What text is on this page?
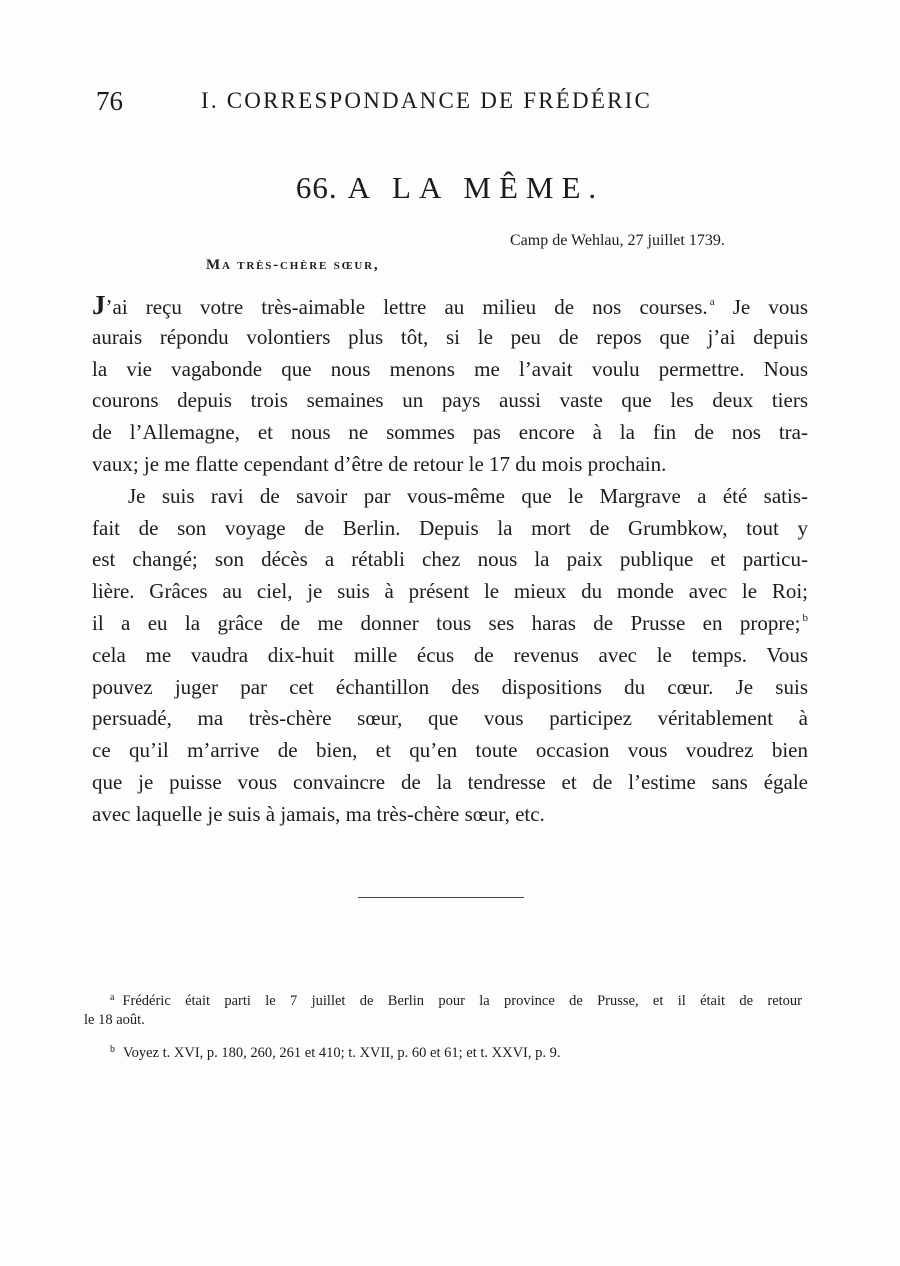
76	I. CORRESPONDANCE DE FRÉDÉRIC
66. A LA MÊME.
Camp de Wehlau, 27 juillet 1739.
Ma très-chère sœur,
J’ai reçu votre très-aimable lettre au milieu de nos courses. $^a$ Je vous
aurais répondu volontiers plus tôt, si le peu de repos que j’ai depuis
la vie vagabonde que nous menons me l’avait voulu permettre. Nous
courons depuis trois semaines un pays aussi vaste que les deux tiers
de l’Allemagne, et nous ne sommes pas encore à la fin de nos tra-
vaux; je me flatte cependant d’être de retour le 17 du mois prochain.
Je suis ravi de savoir par vous-même que le Margrave a été satis-
fait de son voyage de Berlin. Depuis la mort de Grumbkow, tout y
est changé; son décès a rétabli chez nous la paix publique et particu-
lière. Grâces au ciel, je suis à présent le mieux du monde avec le Roi;
il a eu la grâce de me donner tous ses haras de Prusse en propre; $^b$
cela me vaudra dix-huit mille écus de revenus avec le temps. Vous
pouvez juger par cet échantillon des dispositions du cœur. Je suis
persuadé, ma très-chère sœur, que vous participez véritablement à
ce qu’il m’arrive de bien, et qu’en toute occasion vous voudrez bien
que je puisse vous convaincre de la tendresse et de l’estime sans égale
avec laquelle je suis à jamais, ma très-chère sœur, etc.
$^a$ Frédéric était parti le 7 juillet de Berlin pour la province de Prusse, et il était de retour
le 18 août.
$^b$ Voyez t. XVI, p. 180, 260, 261 et 410; t. XVII, p. 60 et 61; et t. XXVI, p. 9.
